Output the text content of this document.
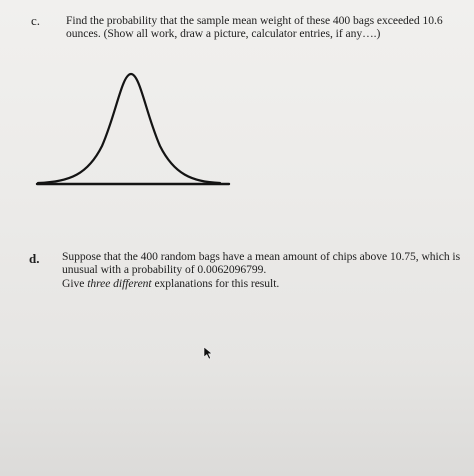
c. Find the probability that the sample mean weight of these 400 bags exceeded 10.6
ounces. (Show all work, draw a picture, calculator entries, if any….)
d. Suppose that the 400 random bags have a mean amount of chips above 10.75, which is
unusual with a probability of 0.0062096799.
Give three different explanations for this result.
